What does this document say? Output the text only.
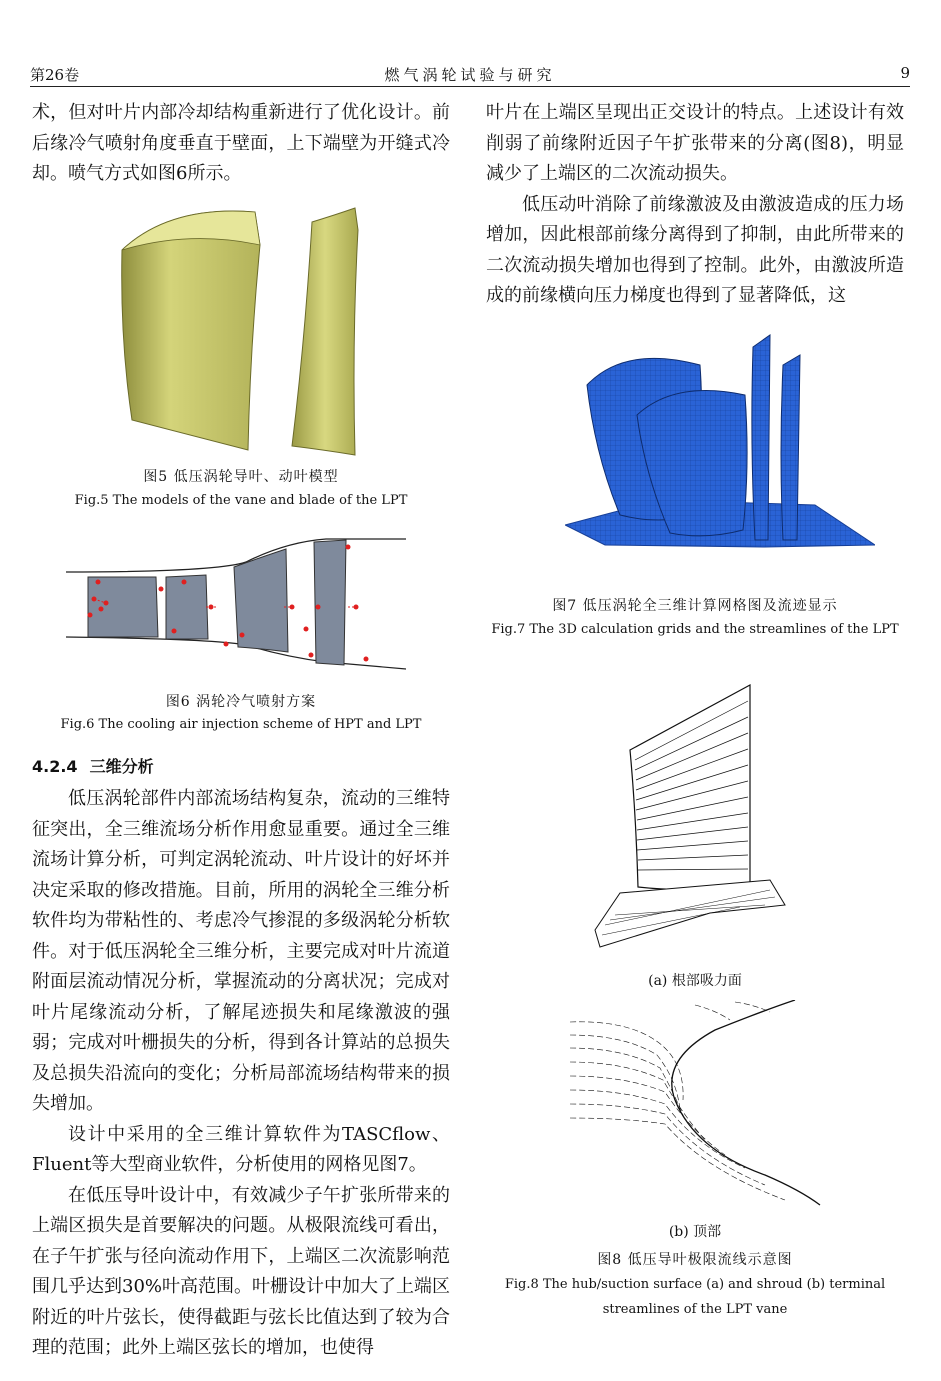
第26卷	燃气涡轮试验与研究	9

术，但对叶片内部冷却结构重新进行了优化设计。前后缘冷气喷射角度垂直于壁面，上下端壁为开缝式冷却。喷气方式如图6所示。

图5 低压涡轮导叶、动叶模型
Fig.5 The models of the vane and blade of the LPT
图6 涡轮冷气喷射方案
Fig.6 The cooling air injection scheme of HPT and LPT
4.2.4 三维分析

低压涡轮部件内部流场结构复杂，流动的三维特征突出，全三维流场分析作用愈显重要。通过全三维流场计算分析，可判定涡轮流动、叶片设计的好坏并决定采取的修改措施。目前，所用的涡轮全三维分析软件均为带粘性的、考虑冷气掺混的多级涡轮分析软件。对于低压涡轮全三维分析，主要完成对叶片流道附面层流动情况分析，掌握流动的分离状况；完成对叶片尾缘流动分析，了解尾迹损失和尾缘激波的强弱；完成对叶栅损失的分析，得到各计算站的总损失及总损失沿流向的变化；分析局部流场结构带来的损失增加。

设计中采用的全三维计算软件为TASCflow、Fluent等大型商业软件，分析使用的网格见图7。

在低压导叶设计中，有效减少子午扩张所带来的上端区损失是首要解决的问题。从极限流线可看出，在子午扩张与径向流动作用下，上端区二次流影响范围几乎达到30%叶高范围。叶栅设计中加大了上端区附近的叶片弦长，使得截距与弦长比值达到了较为合理的范围；此外上端区弦长的增加，也使得

叶片在上端区呈现出正交设计的特点。上述设计有效削弱了前缘附近因子午扩张带来的分离(图8)，明显减少了上端区的二次流动损失。

低压动叶消除了前缘激波及由激波造成的压力场增加，因此根部前缘分离得到了抑制，由此所带来的二次流动损失增加也得到了控制。此外，由激波所造成的前缘横向压力梯度也得到了显著降低，这

图7 低压涡轮全三维计算网格图及流迹显示
Fig.7 The 3D calculation grids and the streamlines of the LPT
(a) 根部吸力面
(b) 顶部
图8 低压导叶极限流线示意图
Fig.8 The hub/suction surface (a) and shroud (b) terminal
streamlines of the LPT vane
